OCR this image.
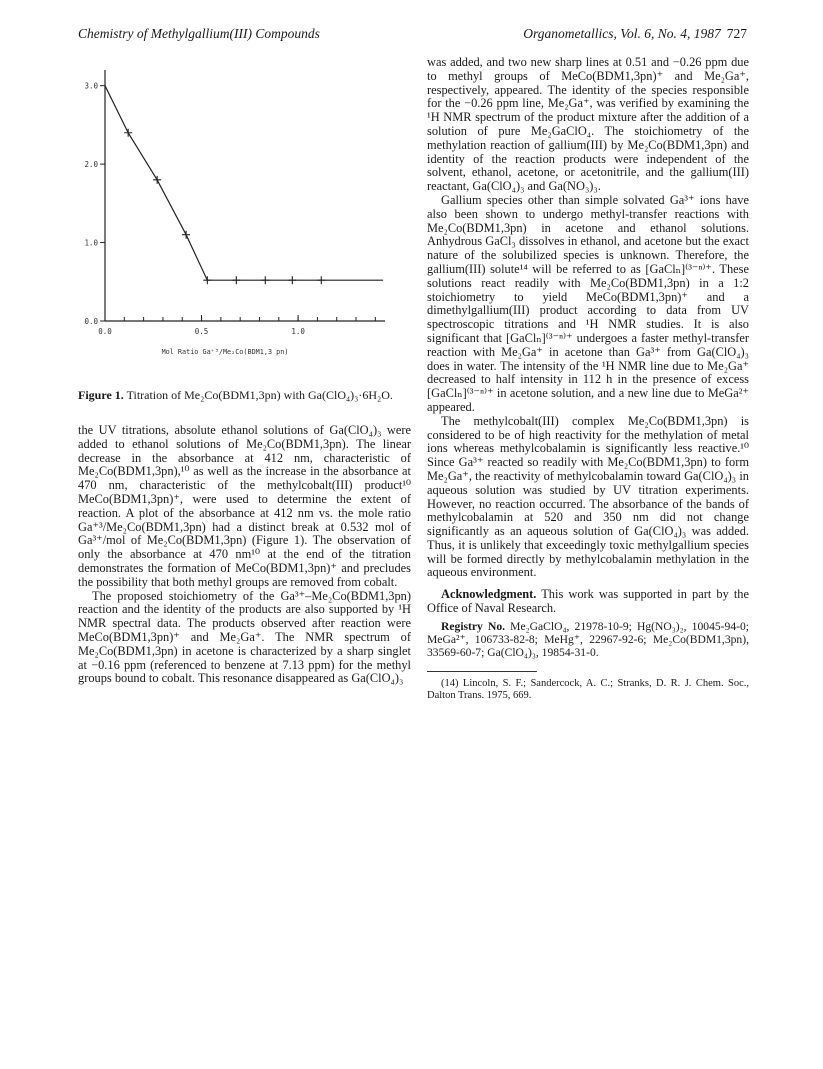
Chemistry of Methylgallium(III) Compounds	Organometallics, Vol. 6, No. 4, 1987 727
0.0
1.0
2.0
3.0
0.0	0.5	1.0
Mol Ratio Ga⁺³/Me₂Co(BDM1,3 pn)
Figure 1. Titration of Me₂Co(BDM1,3pn) with Ga(ClO₄)₃·6H₂O.

the UV titrations, absolute ethanol solutions of Ga(ClO₄)₃ were added to ethanol solutions of Me₂Co(BDM1,3pn). The linear decrease in the absorbance at 412 nm, characteristic of Me₂Co(BDM1,3pn),¹⁰ as well as the increase in the absorbance at 470 nm, characteristic of the methylcobalt(III) product¹⁰ MeCo(BDM1,3pn)⁺, were used to determine the extent of reaction. A plot of the absorbance at 412 nm vs. the mole ratio Ga⁺³/Me₂Co(BDM1,3pn) had a distinct break at 0.532 mol of Ga³⁺/mol of Me₂Co(BDM1,3pn) (Figure 1). The observation of only the absorbance at 470 nm¹⁰ at the end of the titration demonstrates the formation of MeCo(BDM1,3pn)⁺ and precludes the possibility that both methyl groups are removed from cobalt.

The proposed stoichiometry of the Ga³⁺–Me₂Co(BDM1,3pn) reaction and the identity of the products are also supported by ¹H NMR spectral data. The products observed after reaction were MeCo(BDM1,3pn)⁺ and Me₂Ga⁺. The NMR spectrum of Me₂Co(BDM1,3pn) in acetone is characterized by a sharp singlet at −0.16 ppm (referenced to benzene at 7.13 ppm) for the methyl groups bound to cobalt. This resonance disappeared as Ga(ClO₄)₃

was added, and two new sharp lines at 0.51 and −0.26 ppm due to methyl groups of MeCo(BDM1,3pn)⁺ and Me₂Ga⁺, respectively, appeared. The identity of the species responsible for the −0.26 ppm line, Me₂Ga⁺, was verified by examining the ¹H NMR spectrum of the product mixture after the addition of a solution of pure Me₂GaClO₄. The stoichiometry of the methylation reaction of gallium(III) by Me₂Co(BDM1,3pn) and identity of the reaction products were independent of the solvent, ethanol, acetone, or acetonitrile, and the gallium(III) reactant, Ga(ClO₄)₃ and Ga(NO₃)₃.

Gallium species other than simple solvated Ga³⁺ ions have also been shown to undergo methyl-transfer reactions with Me₂Co(BDM1,3pn) in acetone and ethanol solutions. Anhydrous GaCl₃ dissolves in ethanol, and acetone but the exact nature of the solubilized species is unknown. Therefore, the gallium(III) solute¹⁴ will be referred to as [GaClₙ]⁽³⁻ⁿ⁾⁺. These solutions react readily with Me₂Co(BDM1,3pn) in a 1:2 stoichiometry to yield MeCo(BDM1,3pn)⁺ and a dimethylgallium(III) product according to data from UV spectroscopic titrations and ¹H NMR studies. It is also significant that [GaClₙ]⁽³⁻ⁿ⁾⁺ undergoes a faster methyl-transfer reaction with Me₂Ga⁺ in acetone than Ga³⁺ from Ga(ClO₄)₃ does in water. The intensity of the ¹H NMR line due to Me₂Ga⁺ decreased to half intensity in 112 h in the presence of excess [GaClₙ]⁽³⁻ⁿ⁾⁺ in acetone solution, and a new line due to MeGa²⁺ appeared.

The methylcobalt(III) complex Me₂Co(BDM1,3pn) is considered to be of high reactivity for the methylation of metal ions whereas methylcobalamin is significantly less reactive.¹⁰ Since Ga³⁺ reacted so readily with Me₂Co(BDM1,3pn) to form Me₂Ga⁺, the reactivity of methylcobalamin toward Ga(ClO₄)₃ in aqueous solution was studied by UV titration experiments. However, no reaction occurred. The absorbance of the bands of methylcobalamin at 520 and 350 nm did not change significantly as an aqueous solution of Ga(ClO₄)₃ was added. Thus, it is unlikely that exceedingly toxic methylgallium species will be formed directly by methylcobalamin methylation in the aqueous environment.

Acknowledgment. This work was supported in part by the Office of Naval Research.

Registry No. Me₂GaClO₄, 21978-10-9; Hg(NO₃)₂, 10045-94-0; MeGa²⁺, 106733-82-8; MeHg⁺, 22967-92-6; Me₂Co(BDM1,3pn), 33569-60-7; Ga(ClO₄)₃, 19854-31-0.

(14) Lincoln, S. F.; Sandercock, A. C.; Stranks, D. R. J. Chem. Soc., Dalton Trans. 1975, 669.
